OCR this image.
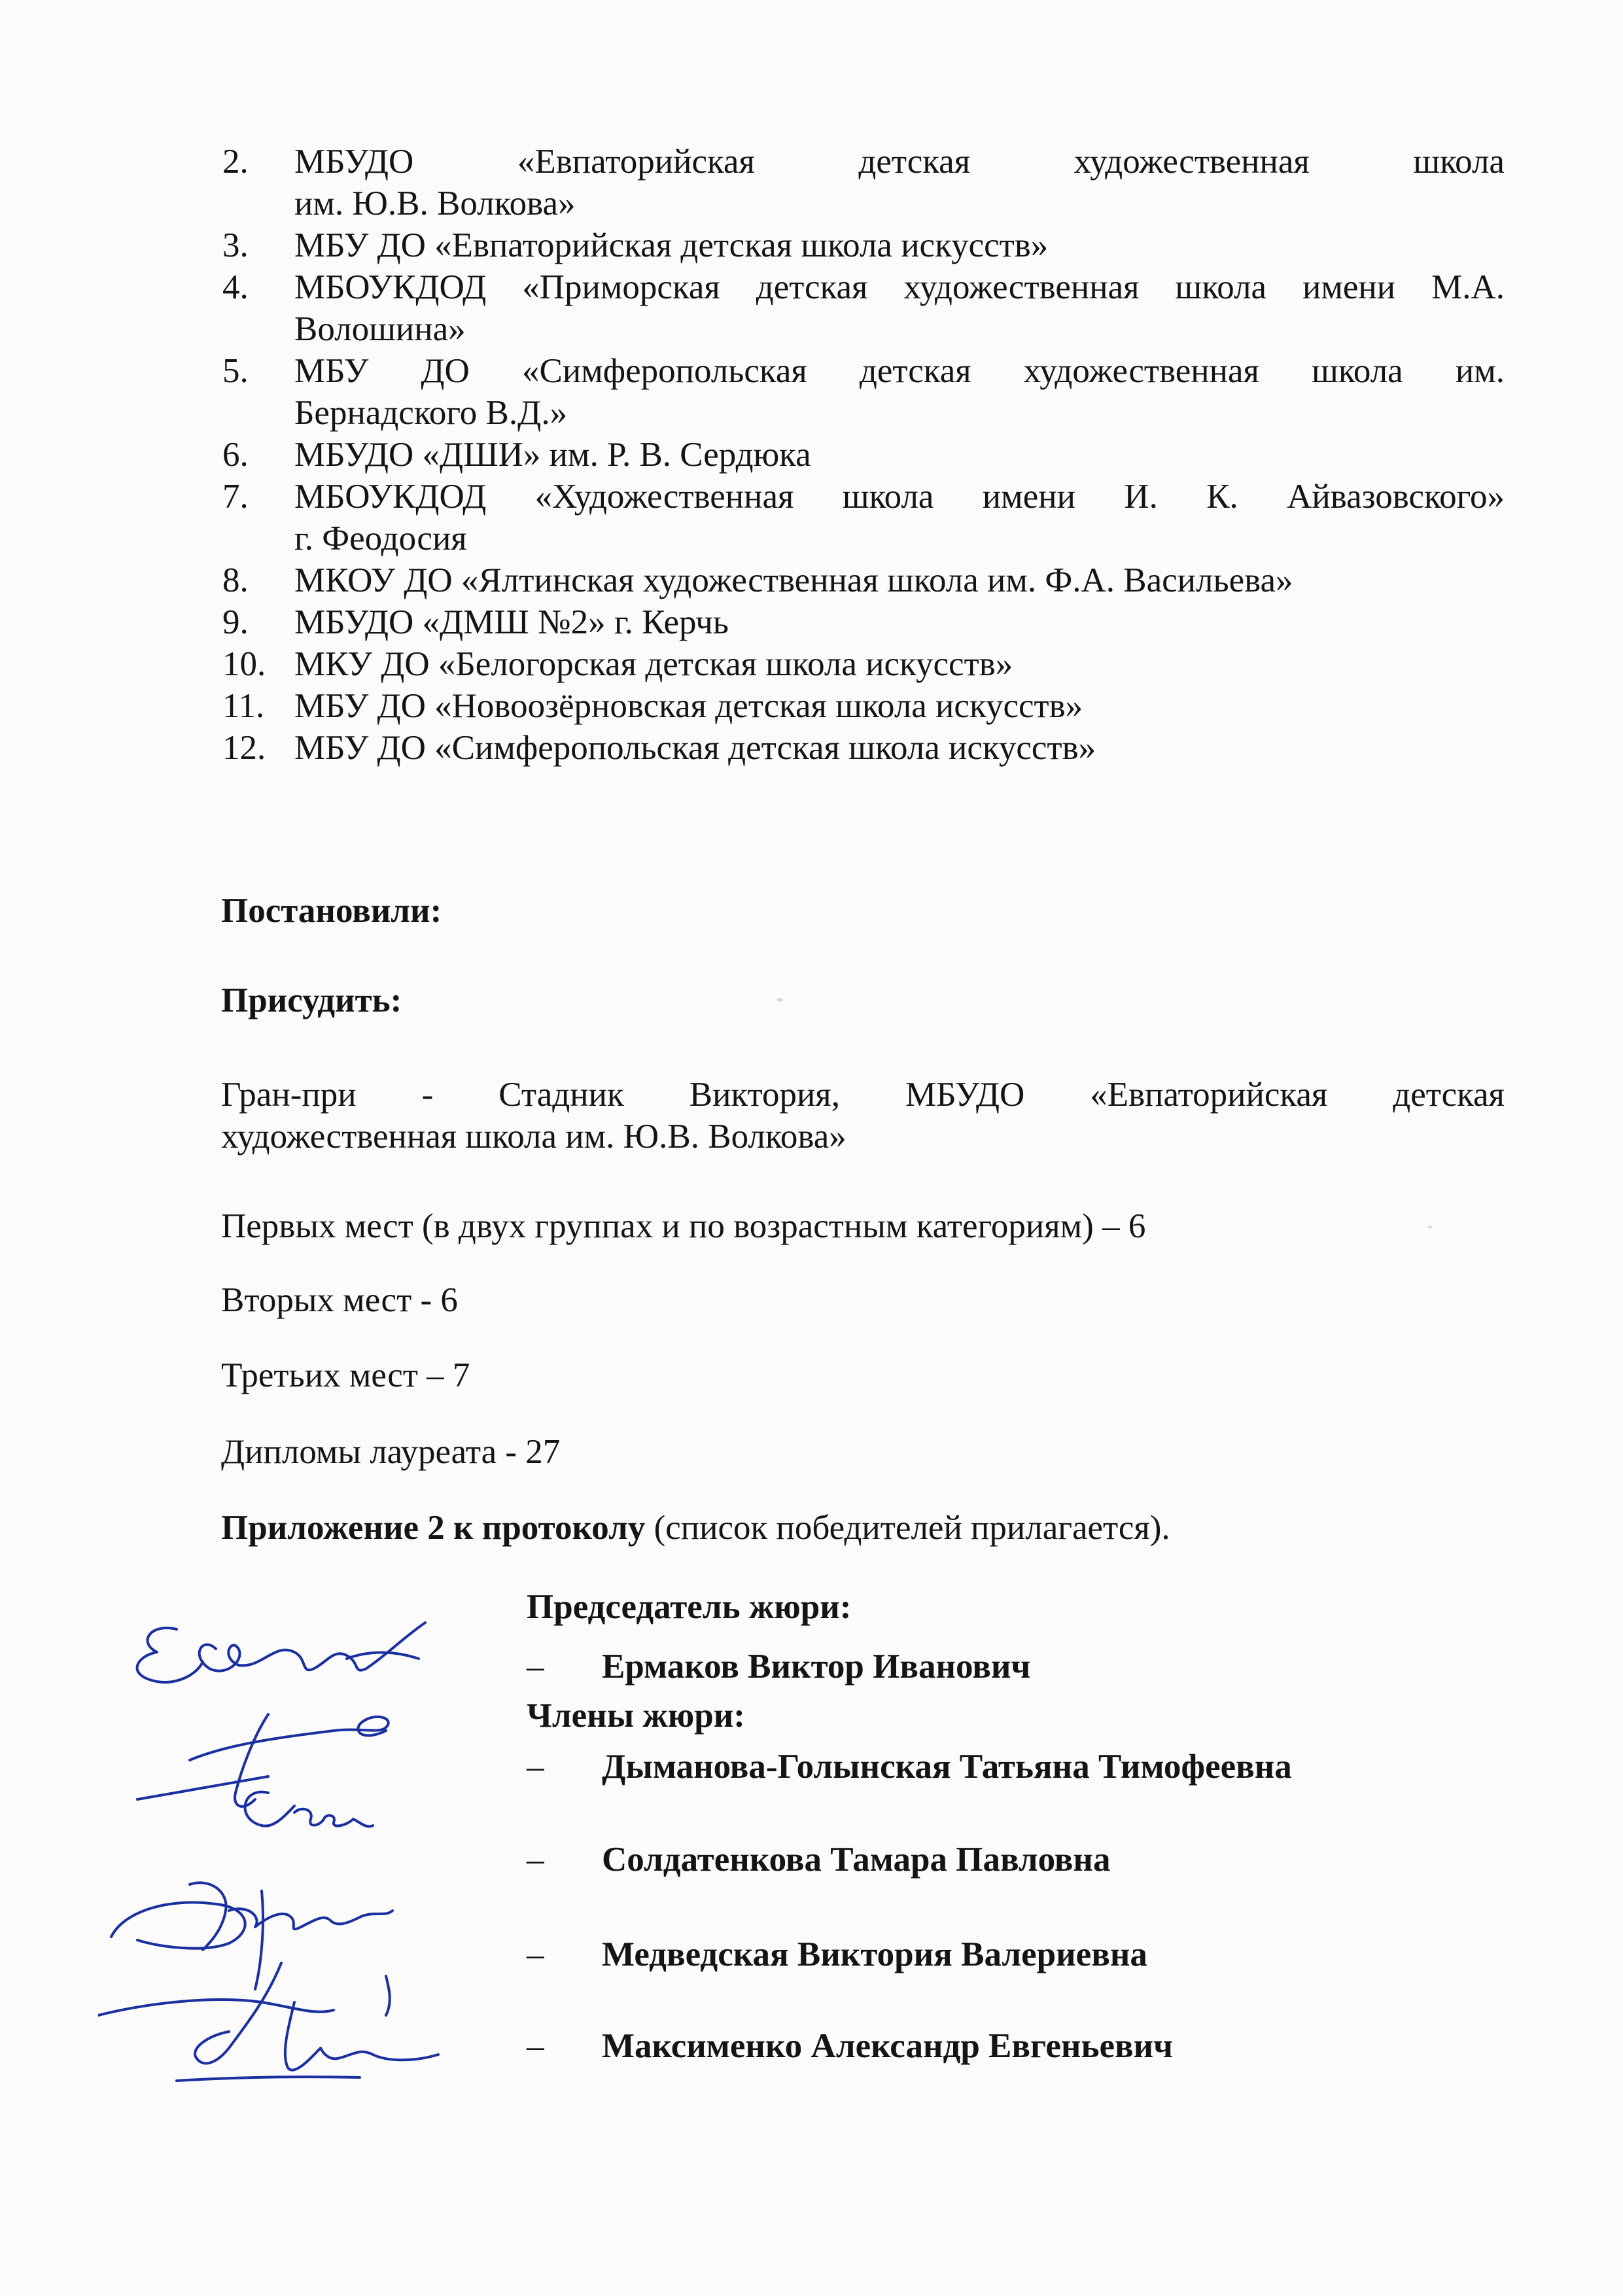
2.	МБУДО	«Евпаторийская	детская	художественная	школа
им. Ю.В. Волкова»
3.	МБУ ДО «Евпаторийская детская школа искусств»
4.	МБОУКДОД «Приморская детская художественная школа имени М.А.
Волошина»
5.	МБУ ДО «Симферопольская детская художественная школа им.
Бернадского В.Д.»
6.	МБУДО «ДШИ» им. Р. В. Сердюка
7.	МБОУКДОД «Художественная школа имени И. К. Айвазовского»
г. Феодосия
8.	МКОУ ДО «Ялтинская художественная школа им. Ф.А. Васильева»
9.	МБУДО «ДМШ №2» г. Керчь
10. МКУ ДО «Белогорская детская школа искусств»
11. МБУ ДО «Новоозёрновская детская школа искусств»
12. МБУ ДО «Симферопольская детская школа искусств»
Постановили:
Присудить:
Гран-при - Стадник Виктория, МБУДО «Евпаторийская детская
художественная школа им. Ю.В. Волкова»
Первых мест (в двух группах и по возрастным категориям) – 6
Вторых мест - 6
Третьих мест – 7
Дипломы лауреата - 27
Приложение 2 к протоколу (список победителей прилагается).
Председатель жюри:
–	Ермаков Виктор Иванович
Члены жюри:
–	Дыманова-Голынская Татьяна Тимофеевна
–	Солдатенкова Тамара Павловна
–	Медведская Виктория Валериевна
–	Максименко Александр Евгеньевич
